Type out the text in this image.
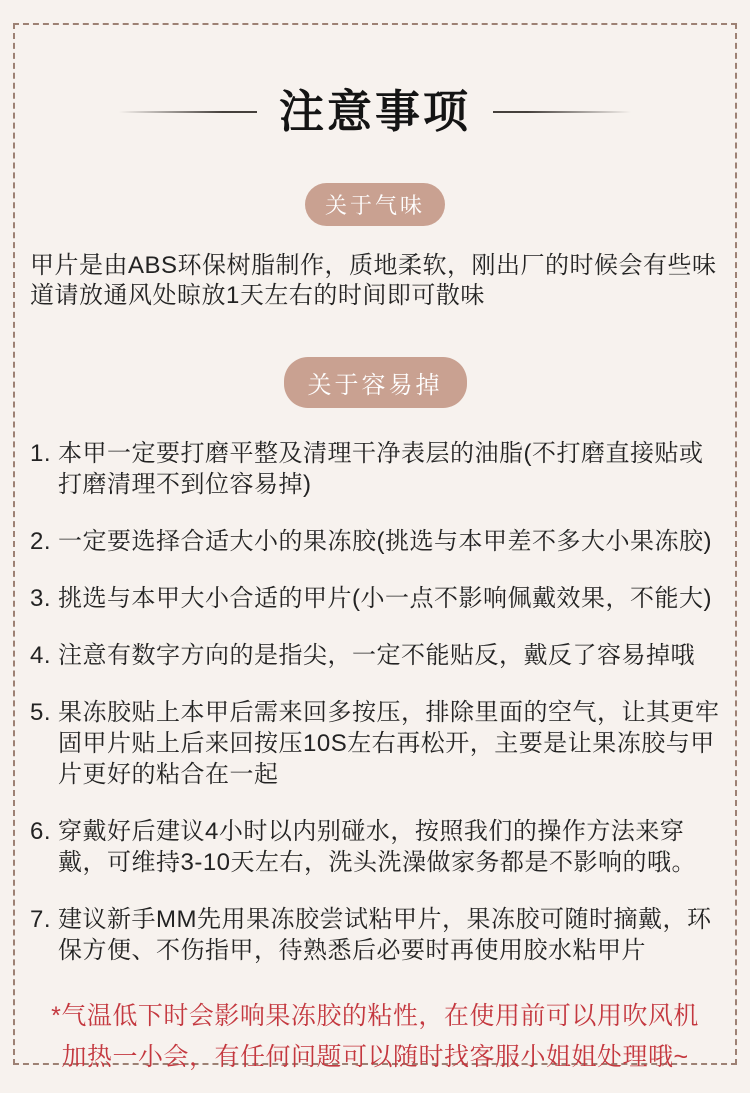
注意事项
关于气味

甲片是由ABS环保树脂制作，质地柔软，刚出厂的时候会有些味道请放通风处晾放1天左右的时间即可散味

关于容易掉
1. 本甲一定要打磨平整及清理干净表层的油脂(不打磨直接贴或打磨清理不到位容易掉)
2. 一定要选择合适大小的果冻胶(挑选与本甲差不多大小果冻胶)
3. 挑选与本甲大小合适的甲片(小一点不影响佩戴效果，不能大)
4. 注意有数字方向的是指尖，一定不能贴反，戴反了容易掉哦
5. 果冻胶贴上本甲后需来回多按压，排除里面的空气，让其更牢固甲片贴上后来回按压10S左右再松开，主要是让果冻胶与甲片更好的粘合在一起
6. 穿戴好后建议4小时以内别碰水，按照我们的操作方法来穿戴，可维持3-10天左右，洗头洗澡做家务都是不影响的哦。
7. 建议新手MM先用果冻胶尝试粘甲片，果冻胶可随时摘戴，环保方便、不伤指甲，待熟悉后必要时再使用胶水粘甲片
*气温低下时会影响果冻胶的粘性，在使用前可以用吹风机
加热一小会，有任何问题可以随时找客服小姐姐处理哦~
